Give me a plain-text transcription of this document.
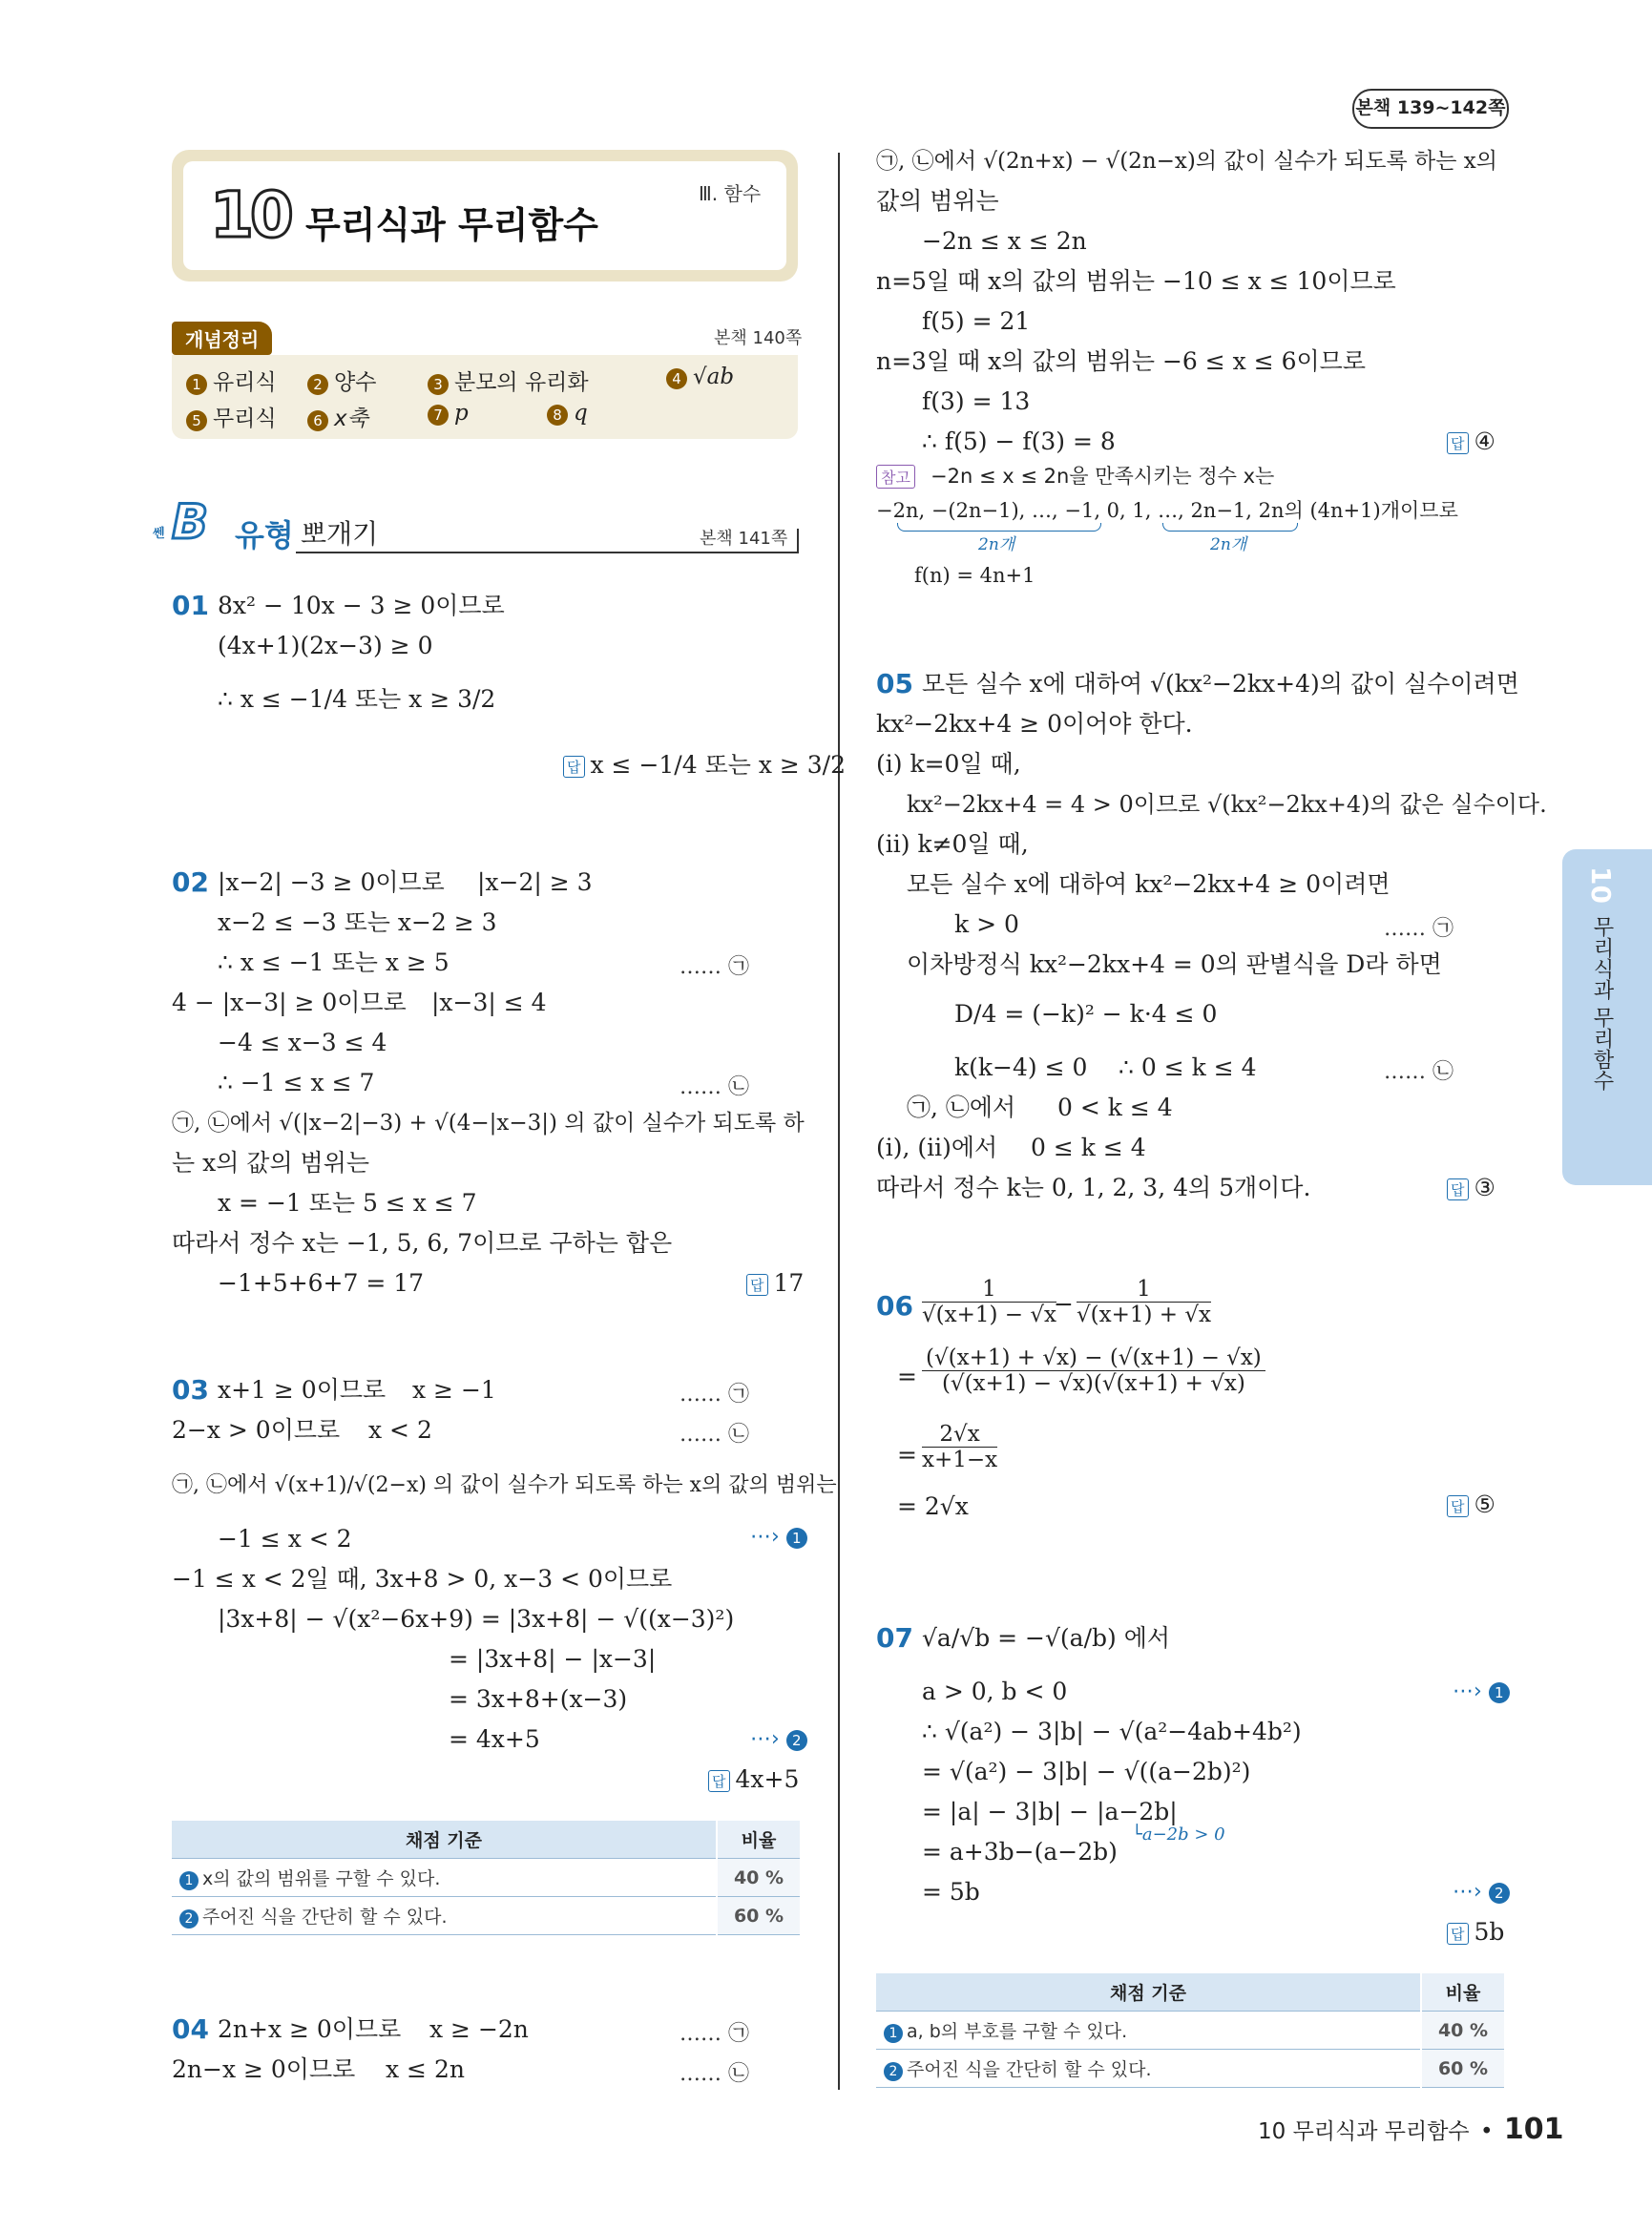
본책 139~142쪽
10 무리식과 무리함수
Ⅲ. 함수
개념정리	본책 140쪽
1 유리식	2 양수	3 분모의 유리화	4 √ab
5 무리식	6 x축	7 p	8 q
쎈 B 유형 뽀개기	본책 141쪽
10
무리식과 무리함수
01 8x² − 10x − 3 ≥ 0이므로
(4x+1)(2x−3) ≥ 0
∴ x ≤ −1/4 또는 x ≥ 3/2
답 x ≤ −1/4 또는 x ≥ 3/2
02 |x−2| −3 ≥ 0이므로 |x−2| ≥ 3
x−2 ≤ −3 또는 x−2 ≥ 3
∴ x ≤ −1 또는 x ≥ 5	…… ㉠
4 − |x−3| ≥ 0이므로 |x−3| ≤ 4
−4 ≤ x−3 ≤ 4
∴ −1 ≤ x ≤ 7	…… ㉡
㉠, ㉡에서 √(|x−2|−3) + √(4−|x−3|) 의 값이 실수가 되도록 하
는 x의 값의 범위는
x = −1 또는 5 ≤ x ≤ 7
따라서 정수 x는 −1, 5, 6, 7이므로 구하는 합은
−1+5+6+7 = 17	답 17
03 x+1 ≥ 0이므로 x ≥ −1	…… ㉠
2−x > 0이므로 x < 2	…… ㉡
㉠, ㉡에서 √(x+1)/√(2−x) 의 값이 실수가 되도록 하는 x의 값의 범위는
−1 ≤ x < 2	⋯› 1
−1 ≤ x < 2일 때, 3x+8 > 0, x−3 < 0이므로
|3x+8| − √(x²−6x+9) = |3x+8| − √((x−3)²)
= |3x+8| − |x−3|
= 3x+8+(x−3)
= 4x+5	⋯› 2
답 4x+5
채점 기준	비율
1 x의 값의 범위를 구할 수 있다.	40 %
2 주어진 식을 간단히 할 수 있다.	60 %
04 2n+x ≥ 0이므로 x ≥ −2n	…… ㉠
2n−x ≥ 0이므로 x ≤ 2n	…… ㉡
㉠, ㉡에서 √(2n+x) − √(2n−x)의 값이 실수가 되도록 하는 x의
값의 범위는
−2n ≤ x ≤ 2n
n=5일 때 x의 값의 범위는 −10 ≤ x ≤ 10이므로
f(5) = 21
n=3일 때 x의 값의 범위는 −6 ≤ x ≤ 6이므로
f(3) = 13
∴ f(5) − f(3) = 8	답 ④
참고 −2n ≤ x ≤ 2n을 만족시키는 정수 x는
−2n, −(2n−1), …, −1, 0, 1, …, 2n−1, 2n의 (4n+1)개이므로
2n개	2n개
f(n) = 4n+1
05 모든 실수 x에 대하여 √(kx²−2kx+4)의 값이 실수이려면
kx²−2kx+4 ≥ 0이어야 한다.
(i) k=0일 때,
kx²−2kx+4 = 4 > 0이므로 √(kx²−2kx+4)의 값은 실수이다.
(ii) k≠0일 때,
모든 실수 x에 대하여 kx²−2kx+4 ≥ 0이려면
k > 0	…… ㉠
이차방정식 kx²−2kx+4 = 0의 판별식을 D라 하면
D/4 = (−k)² − k·4 ≤ 0
k(k−4) ≤ 0 ∴ 0 ≤ k ≤ 4	…… ㉡
㉠, ㉡에서 0 < k ≤ 4
(i), (ii)에서 0 ≤ k ≤ 4
따라서 정수 k는 0, 1, 2, 3, 4의 5개이다.	답 ③
06
1
√(x+1) − √x
−
1
√(x+1) + √x
=
(√(x+1) + √x) − (√(x+1) − √x)
(√(x+1) − √x)(√(x+1) + √x)
=
2√x
x+1−x
= 2√x	답 ⑤
07 √a/√b = −√(a/b) 에서
a > 0, b < 0	⋯› 1
∴ √(a²) − 3|b| − √(a²−4ab+4b²)
= √(a²) − 3|b| − √((a−2b)²)
= |a| − 3|b| − |a−2b|
= a+3b−(a−2b)
└a−2b > 0
= 5b	⋯› 2
답 5b
채점 기준	비율
1 a, b의 부호를 구할 수 있다.	40 %
2 주어진 식을 간단히 할 수 있다.	60 %
10 무리식과 무리함수 • 101
